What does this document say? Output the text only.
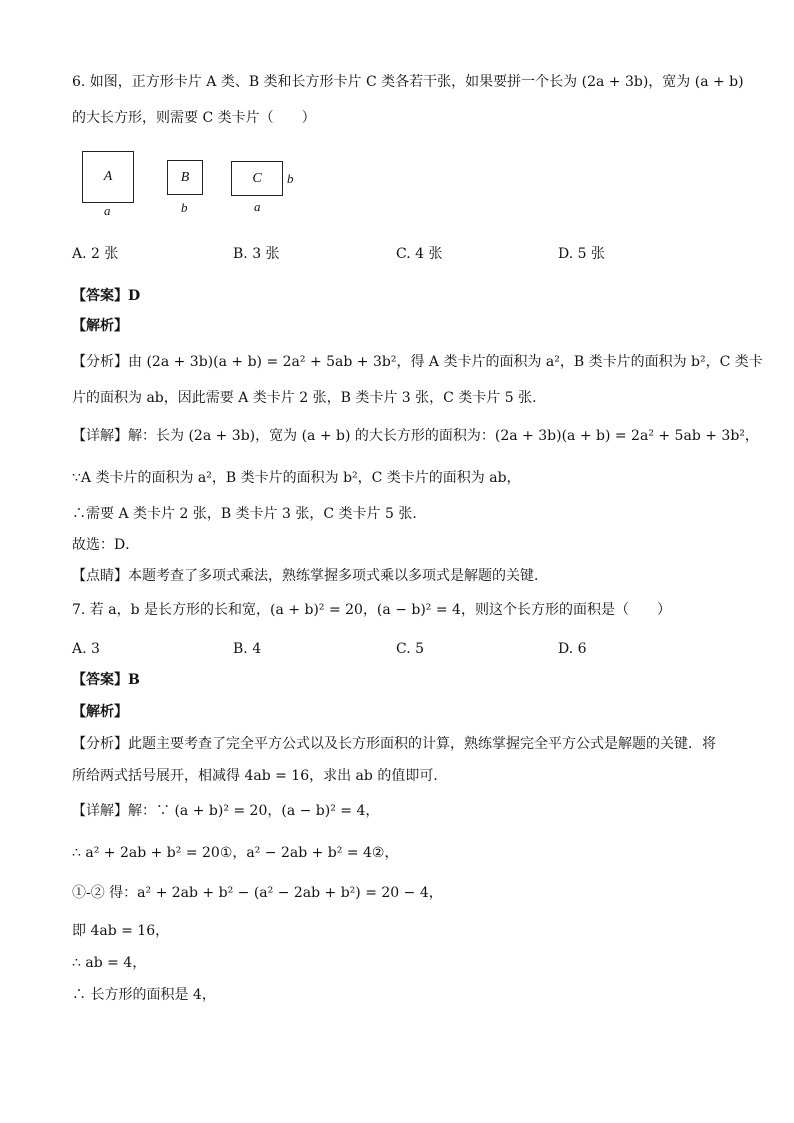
6. 如图，正方形卡片 A 类、B 类和长方形卡片 C 类各若干张，如果要拼一个长为 (2a + 3b)，宽为 (a + b)
的大长方形，则需要 C 类卡片（　　）
A
a
B
b
C
a
b
A. 2 张	B. 3 张	C. 4 张	D. 5 张
【答案】D
【解析】
【分析】由 (2a + 3b)(a + b) = 2a² + 5ab + 3b²，得 A 类卡片的面积为 a²，B 类卡片的面积为 b²，C 类卡
片的面积为 ab，因此需要 A 类卡片 2 张，B 类卡片 3 张，C 类卡片 5 张．
【详解】解：长为 (2a + 3b)，宽为 (a + b) 的大长方形的面积为：(2a + 3b)(a + b) = 2a² + 5ab + 3b²，
∵A 类卡片的面积为 a²，B 类卡片的面积为 b²，C 类卡片的面积为 ab，
∴需要 A 类卡片 2 张，B 类卡片 3 张，C 类卡片 5 张．
故选：D．
【点睛】本题考查了多项式乘法，熟练掌握多项式乘以多项式是解题的关键．
7. 若 a，b 是长方形的长和宽，(a + b)² = 20，(a − b)² = 4，则这个长方形的面积是（　　）
A. 3	B. 4	C. 5	D. 6
【答案】B
【解析】
【分析】此题主要考查了完全平方公式以及长方形面积的计算，熟练掌握完全平方公式是解题的关键．将
所给两式括号展开，相减得 4ab = 16，求出 ab 的值即可．
【详解】解：∵ (a + b)² = 20，(a − b)² = 4，
∴ a² + 2ab + b² = 20①，a² − 2ab + b² = 4②，
①-② 得：a² + 2ab + b² − (a² − 2ab + b²) = 20 − 4，
即 4ab = 16，
∴ ab = 4，
∴ 长方形的面积是 4，
